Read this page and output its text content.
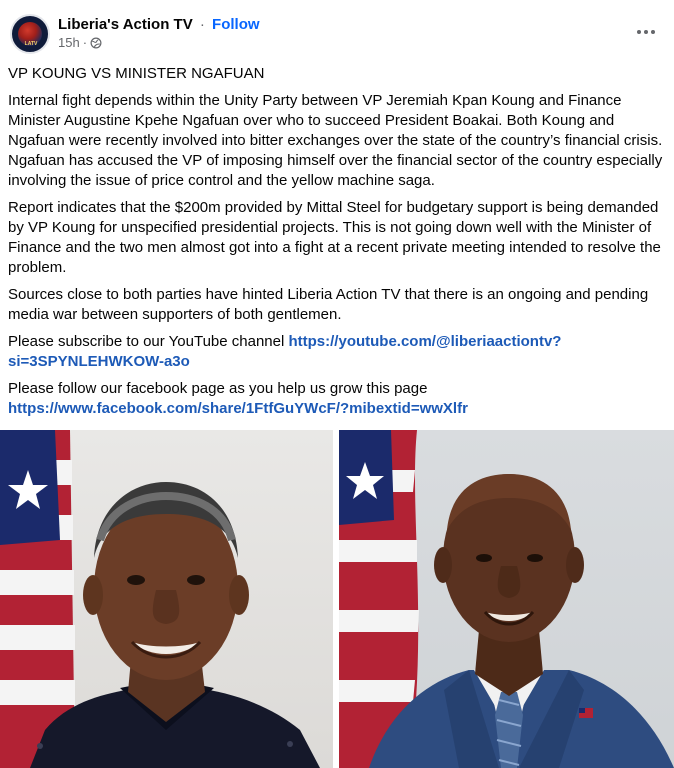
LATV
Liberia's Action TV · Follow
15h ·

VP KOUNG VS MINISTER NGAFUAN

Internal fight depends within the Unity Party between VP Jeremiah Kpan Koung and Finance Minister Augustine Kpehe Ngafuan over who to succeed President Boakai. Both Koung and Ngafuan were recently involved into bitter exchanges over the state of the country’s financial crisis. Ngafuan has accused the VP of imposing himself over the financial sector of the country especially involving the issue of price control and the yellow machine saga.

Report indicates that the $200m provided by Mittal Steel for budgetary support is being demanded by VP Koung for unspecified presidential projects. This is not going down well with the Minister of Finance and the two men almost got into a fight at a recent private meeting intended to resolve the problem.

Sources close to both parties have hinted Liberia Action TV that there is an ongoing and pending media war between supporters of both gentlemen.

Please subscribe to our YouTube channel https://youtube.com/@liberiaactiontv?si=3SPYNLEHWKOW-a3o

Please follow our facebook page as you help us grow this page
https://www.facebook.com/share/1FtfGuYWcF/?mibextid=wwXlfr
